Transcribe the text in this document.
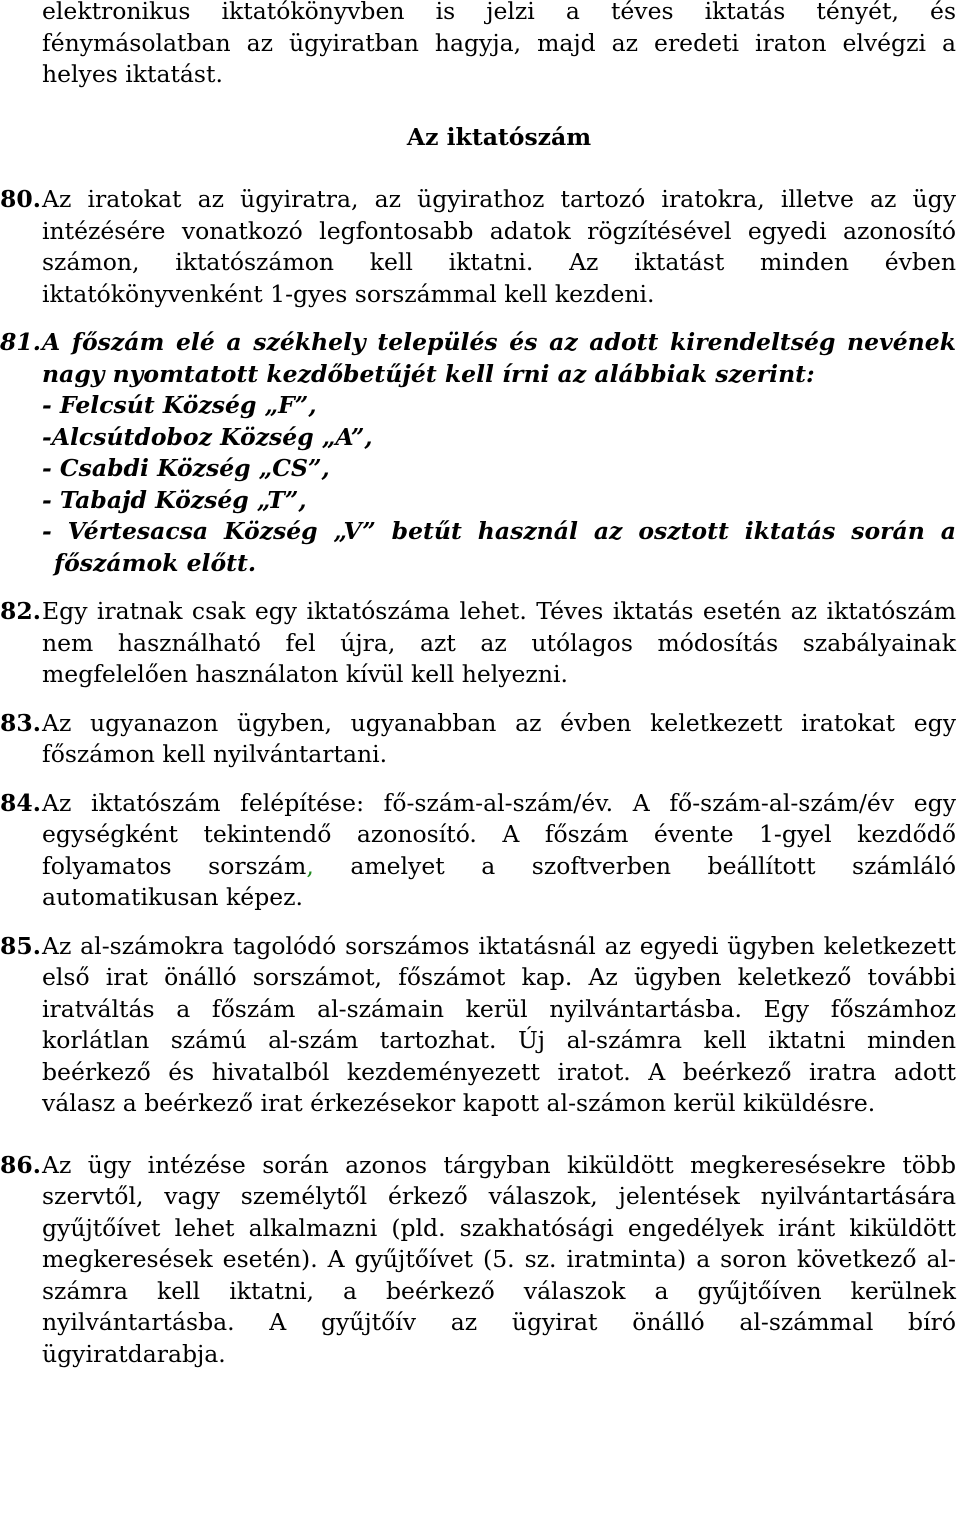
elektronikus iktatókönyvben is jelzi a téves iktatás tényét, és fénymásolatban az ügyiratban hagyja, majd az eredeti iraton elvégzi a helyes iktatást.

Az iktatószám

80. Az iratokat az ügyiratra, az ügyirathoz tartozó iratokra, illetve az ügy intézésére vonatkozó legfontosabb adatok rögzítésével egyedi azonosító számon, iktatószámon kell iktatni. Az iktatást minden évben iktatókönyvenként 1-gyes sorszámmal kell kezdeni.

81. A főszám elé a székhely település és az adott kirendeltség nevének nagy nyomtatott kezdőbetűjét kell írni az alábbiak szerint:

- Felcsút Község „F”,

-Alcsútdoboz Község „A”,

- Csabdi Község „CS”,

- Tabajd Község „T”,

- Vértesacsa Község „V” betűt használ az osztott iktatás során a főszámok előtt.

82. Egy iratnak csak egy iktatószáma lehet. Téves iktatás esetén az iktatószám nem használható fel újra, azt az utólagos módosítás szabályainak megfelelően használaton kívül kell helyezni.

83. Az ugyanazon ügyben, ugyanabban az évben keletkezett iratokat egy főszámon kell nyilvántartani.

84. Az iktatószám felépítése: fő-szám-al-szám/év. A fő-szám-al-szám/év egy egységként tekintendő azonosító. A főszám évente 1-gyel kezdődő folyamatos sorszám, amelyet a szoftverben beállított számláló automatikusan képez.

85. Az al-számokra tagolódó sorszámos iktatásnál az egyedi ügyben keletkezett első irat önálló sorszámot, főszámot kap. Az ügyben keletkező további iratváltás a főszám al-számain kerül nyilvántartásba. Egy főszámhoz korlátlan számú al-szám tartozhat. Új al-számra kell iktatni minden beérkező és hivatalból kezdeményezett iratot. A beérkező iratra adott válasz a beérkező irat érkezésekor kapott al-számon kerül kiküldésre.

86. Az ügy intézése során azonos tárgyban kiküldött megkeresésekre több szervtől, vagy személytől érkező válaszok, jelentések nyilvántartására gyűjtőívet lehet alkalmazni (pld. szakhatósági engedélyek iránt kiküldött megkeresések esetén). A gyűjtőívet (5. sz. iratminta) a soron következő al-számra kell iktatni, a beérkező válaszok a gyűjtőíven kerülnek nyilvántartásba. A gyűjtőív az ügyirat önálló al-számmal bíró ügyiratdarabja.
